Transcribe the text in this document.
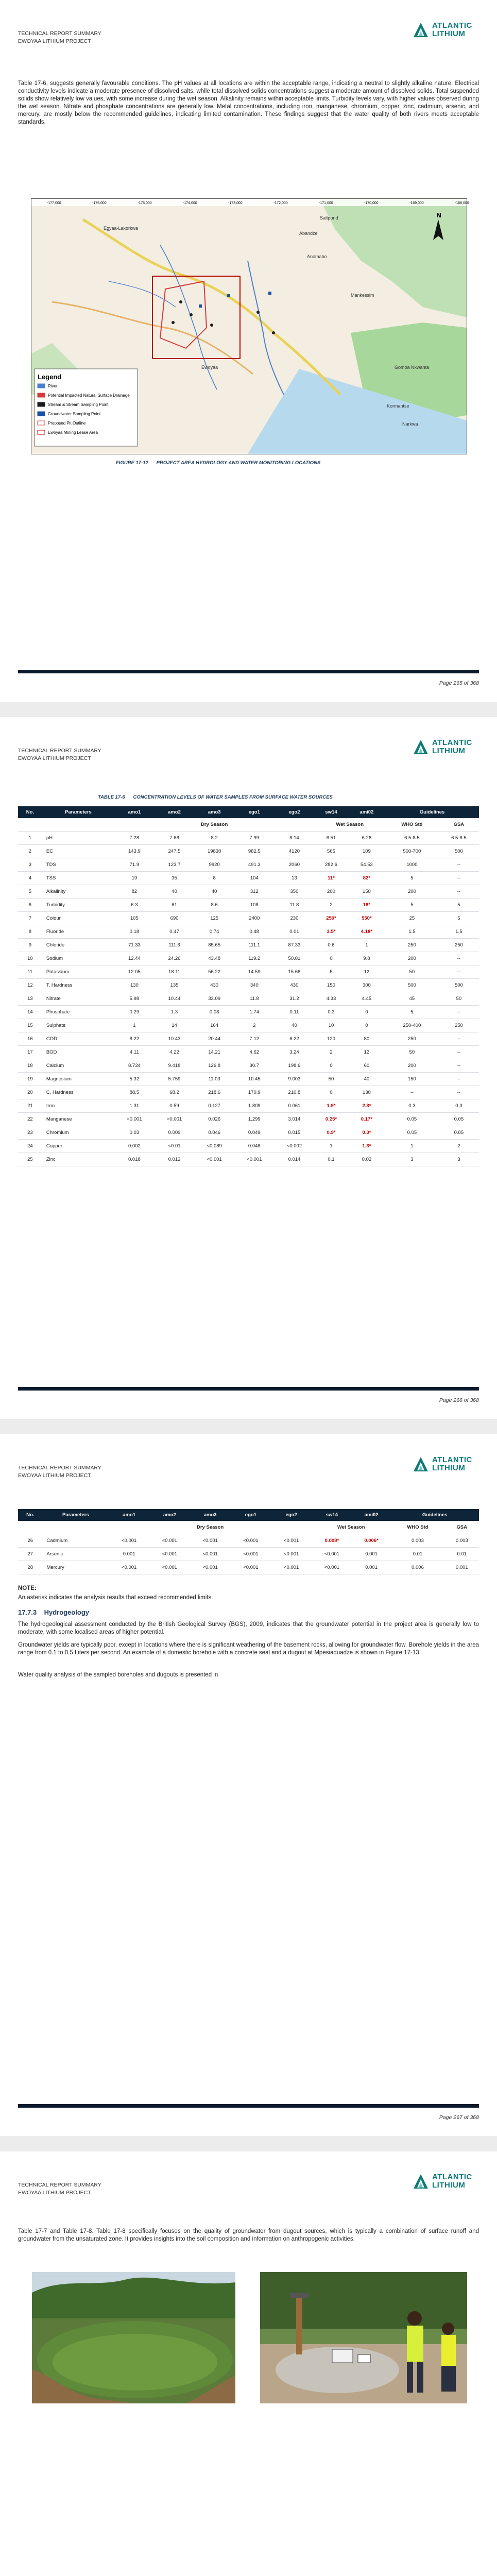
TECHNICAL REPORT SUMMARY
EWOYAA LITHIUM PROJECT
ATLANTIC
LITHIUM

Table 17-6, suggests generally favourable conditions. The pH values at all locations are within the acceptable range, indicating a neutral to slightly alkaline nature. Electrical conductivity levels indicate a moderate presence of dissolved salts, while total dissolved solids concentrations suggest a moderate amount of dissolved solids. Total suspended solids show relatively low values, with some increase during the wet season. Alkalinity remains within acceptable limits. Turbidity levels vary, with higher values observed during the wet season. Nitrate and phosphate concentrations are generally low. Metal concentrations, including iron, manganese, chromium, copper, zinc, cadmium, arsenic, and mercury, are mostly below the recommended guidelines, indicating limited contamination. These findings suggest that the water quality of both rivers meets acceptable standards.

N
-177,000	-176,000	-175,000	-174,000	-173,000	-172,000	-171,000	-170,000	-169,000	-168,000
Egyaa-Lakorkwa
Saltpond
Abandze
Anomabo
Ewoyaa
Mankessim
Gomoa Nkwanta
Kormantse
Narkwa
Legend
River
Potential Impacted Natural Surface Drainage
Stream & Stream Sampling Point
Groundwater Sampling Point
Proposed Pit Outline
Ewoyaa Mining Lease Area
FIGURE 17-12 PROJECT AREA HYDROLOGY AND WATER MONITORING LOCATIONS
Page 265 of 368
TECHNICAL REPORT SUMMARY
EWOYAA LITHIUM PROJECT
ATLANTIC
LITHIUM
TABLE 17-6 CONCENTRATION LEVELS OF WATER SAMPLES FROM SURFACE WATER SOURCES
No.	Parameters	amo1	amo2	amo3	ego1	ego2	sw14	ami02	Guidelines	
		Dry Season					Wet Season		WHO Std	GSA
1	pH	7.28	7.66	8.2	7.99	8.14	6.51	6.26	6.5-8.5	6.5-8.5
2	EC	143.9	247.5	19830	982.5	4120	565	109	500-700	500
3	TDS	71.9	123.7	9920	491.3	2060	282.6	54.53	1000	--
4	TSS	19	35	8	104	13	11*	82*	5	--
5	Alkalinity	82	40	40	312	350	200	150	200	--
6	Turbidity	6.3	61	8.6	108	11.8	2	18*	5	5
7	Colour	105	690	125	2400	230	250*	550*	25	5
8	Fluoride	0.18	0.47	0.74	0.48	0.01	3.5*	4.18*	1.5	1.5
9	Chloride	71.33	111.6	85.65	111.1	87.33	0.6	1	250	250
10	Sodium	12.44	24.26	43.48	119.2	50.01	0	9.8	200	--
11	Potassium	12.05	18.11	56.22	14.59	15.66	5	12	50	--
12	T. Hardness	130	135	430	340	430	150	300	500	500
13	Nitrate	5.98	10.44	33.09	11.8	31.2	4.33	4.45	45	50
14	Phosphate	0.29	1.3	0.08	1.74	0.11	0.3	0	5	--
15	Sulphate	1	14	164	2	40	10	0	250-400	250
16	COD	8.22	10.43	20.44	7.12	6.22	120	80	250	--
17	BOD	4.11	4.22	14.21	4.62	3.24	2	12	50	--
18	Calcium	8.734	9.418	126.8	30.7	198.6	0	60	200	--
19	Magnesium	5.32	5.759	11.03	10.45	9.003	50	40	150	--
20	C. Hardness	88.5	68.2	218.6	170.9	210.8	0	130	--	--
21	Iron	1.31	0.59	0.127	1.809	0.061	1.9*	2.3*	0.3	0.3
22	Manganese	<0.001	<0.001	0.026	1.299	3.014	0.25*	0.17*	0.05	0.05
23	Chromium	0.03	0.009	0.046	0.049	0.015	0.9*	0.3*	0.05	0.05
24	Copper	0.002	<0.01	<0.089	0.048	<0.002	1	1.3*	1	2
25	Zinc	0.018	0.013	<0.001	<0.001	0.014	0.1	0.02	3	3
Page 266 of 368
TECHNICAL REPORT SUMMARY
EWOYAA LITHIUM PROJECT
ATLANTIC
LITHIUM
No.	Parameters	amo1	amo2	amo3	ego1	ego2	sw14	ami02	Guidelines	
		Dry Season					Wet Season		WHO Std	GSA
26	Cadmium	<0.001	<0.001	<0.001	<0.001	<0.001	0.008*	0.006*	0.003	0.003
27	Arsenic	0.001	<0.001	<0.001	<0.001	<0.001	<0.001	0.001	0.01	0.01
28	Mercury	<0.001	<0.001	<0.001	<0.001	<0.001	<0.001	0.001	0.006	0.001
NOTE:
An asterisk indicates the analysis results that exceed recommended limits.
17.7.3 Hydrogeology

The hydrogeological assessment conducted by the British Geological Survey (BGS), 2009, indicates that the groundwater potential in the project area is generally low to moderate, with some localised areas of higher potential.

Groundwater yields are typically poor, except in locations where there is significant weathering of the basement rocks, allowing for groundwater flow. Borehole yields in the area range from 0.1 to 0.5 Liters per second. An example of a domestic borehole with a concrete seal and a dugout at Mpesiaduadze is shown in Figure 17-13.

Water quality analysis of the sampled boreholes and dugouts is presented in

Page 267 of 368
TECHNICAL REPORT SUMMARY
EWOYAA LITHIUM PROJECT
ATLANTIC
LITHIUM

Table 17-7 and Table 17-8. Table 17-8 specifically focuses on the quality of groundwater from dugout sources, which is typically a combination of surface runoff and groundwater from the unsaturated zone. It provides insights into the soil composition and information on anthropogenic activities.
